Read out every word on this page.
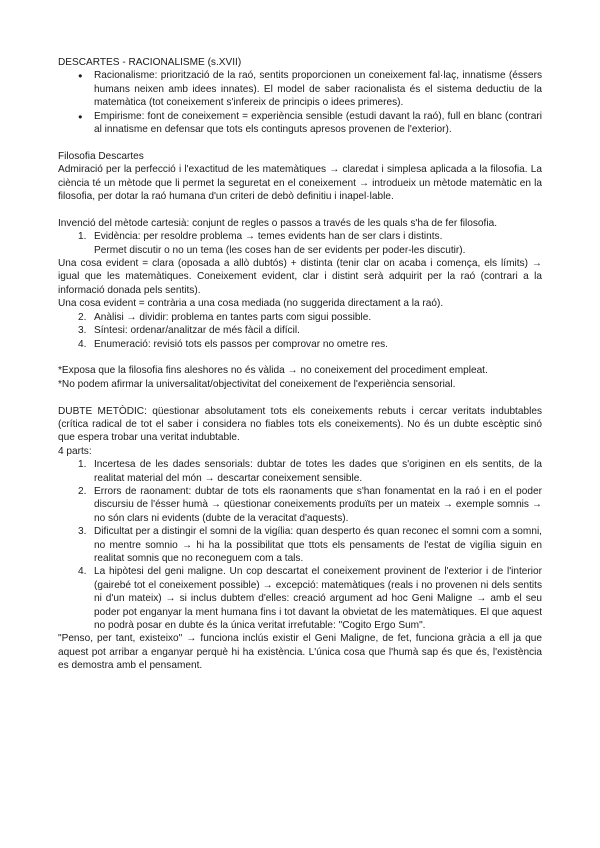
DESCARTES - RACIONALISME (s.XVII)

● Racionalisme: priorització de la raó, sentits proporcionen un coneixement fal·laç, innatisme (éssers humans neixen amb idees innates). El model de saber racionalista és el sistema deductiu de la matemàtica (tot coneixement s'infereix de principis o idees primeres).
● Empirisme: font de coneixement = experiència sensible (estudi davant la raó), full en blanc (contrari al innatisme en defensar que tots els continguts apresos provenen de l'exterior).

Filosofia Descartes

Admiració per la perfecció i l'exactitud de les matemàtiques → claredat i simplesa aplicada a la filosofia. La ciència té un mètode que li permet la seguretat en el coneixement → introdueix un mètode matemàtic en la filosofia, per dotar la raó humana d'un criteri de debò definitiu i inapel·lable.

Invenció del mètode cartesià: conjunt de regles o passos a través de les quals s'ha de fer filosofia.

1. Evidència: per resoldre problema → temes evidents han de ser clars i distints.

Permet discutir o no un tema (les coses han de ser evidents per poder-les discutir).

Una cosa evident = clara (oposada a allò dubtós) + distinta (tenir clar on acaba i comença, els límits) → igual que les matemàtiques. Coneixement evident, clar i distint serà adquirit per la raó (contrari a la informació donada pels sentits).

Una cosa evident = contrària a una cosa mediada (no suggerida directament a la raó).

2. Anàlisi → dividir: problema en tantes parts com sigui possible.
3. Síntesi: ordenar/analitzar de més fàcil a difícil.
4. Enumeració: revisió tots els passos per comprovar no ometre res.

*Exposa que la filosofia fins aleshores no és vàlida → no coneixement del procediment empleat.

*No podem afirmar la universalitat/objectivitat del coneixement de l'experiència sensorial.

DUBTE METÒDIC: qüestionar absolutament tots els coneixements rebuts i cercar veritats indubtables (crítica radical de tot el saber i considera no fiables tots els coneixements). No és un dubte escèptic sinó que espera trobar una veritat indubtable.

4 parts:

1. Incertesa de les dades sensorials: dubtar de totes les dades que s'originen en els sentits, de la realitat material del món → descartar coneixement sensible.
2. Errors de raonament: dubtar de tots els raonaments que s'han fonamentat en la raó i en el poder discursiu de l'ésser humà → qüestionar coneixements produïts per un mateix → exemple somnis → no són clars ni evidents (dubte de la veracitat d'aquests).
3. Dificultat per a distingir el somni de la vigília: quan desperto és quan reconec el somni com a somni, no mentre somnio → hi ha la possibilitat que ttots els pensaments de l'estat de vigília siguin en realitat somnis que no reconeguem com a tals.
4. La hipòtesi del geni maligne. Un cop descartat el coneixement provinent de l'exterior i de l'interior (gairebé tot el coneixement possible) → excepció: matemàtiques (reals i no provenen ni dels sentits ni d'un mateix) → si inclus dubtem d'elles: creació argument ad hoc Geni Maligne → amb el seu poder pot enganyar la ment humana fins i tot davant la obvietat de les matemàtiques. El que aquest no podrà posar en dubte és la única veritat irrefutable: "Cogito Ergo Sum".

"Penso, per tant, existeixo" → funciona inclús existir el Geni Maligne, de fet, funciona gràcia a ell ja que aquest pot arribar a enganyar perquè hi ha existència. L'única cosa que l'humà sap és que és, l'existència es demostra amb el pensament.
